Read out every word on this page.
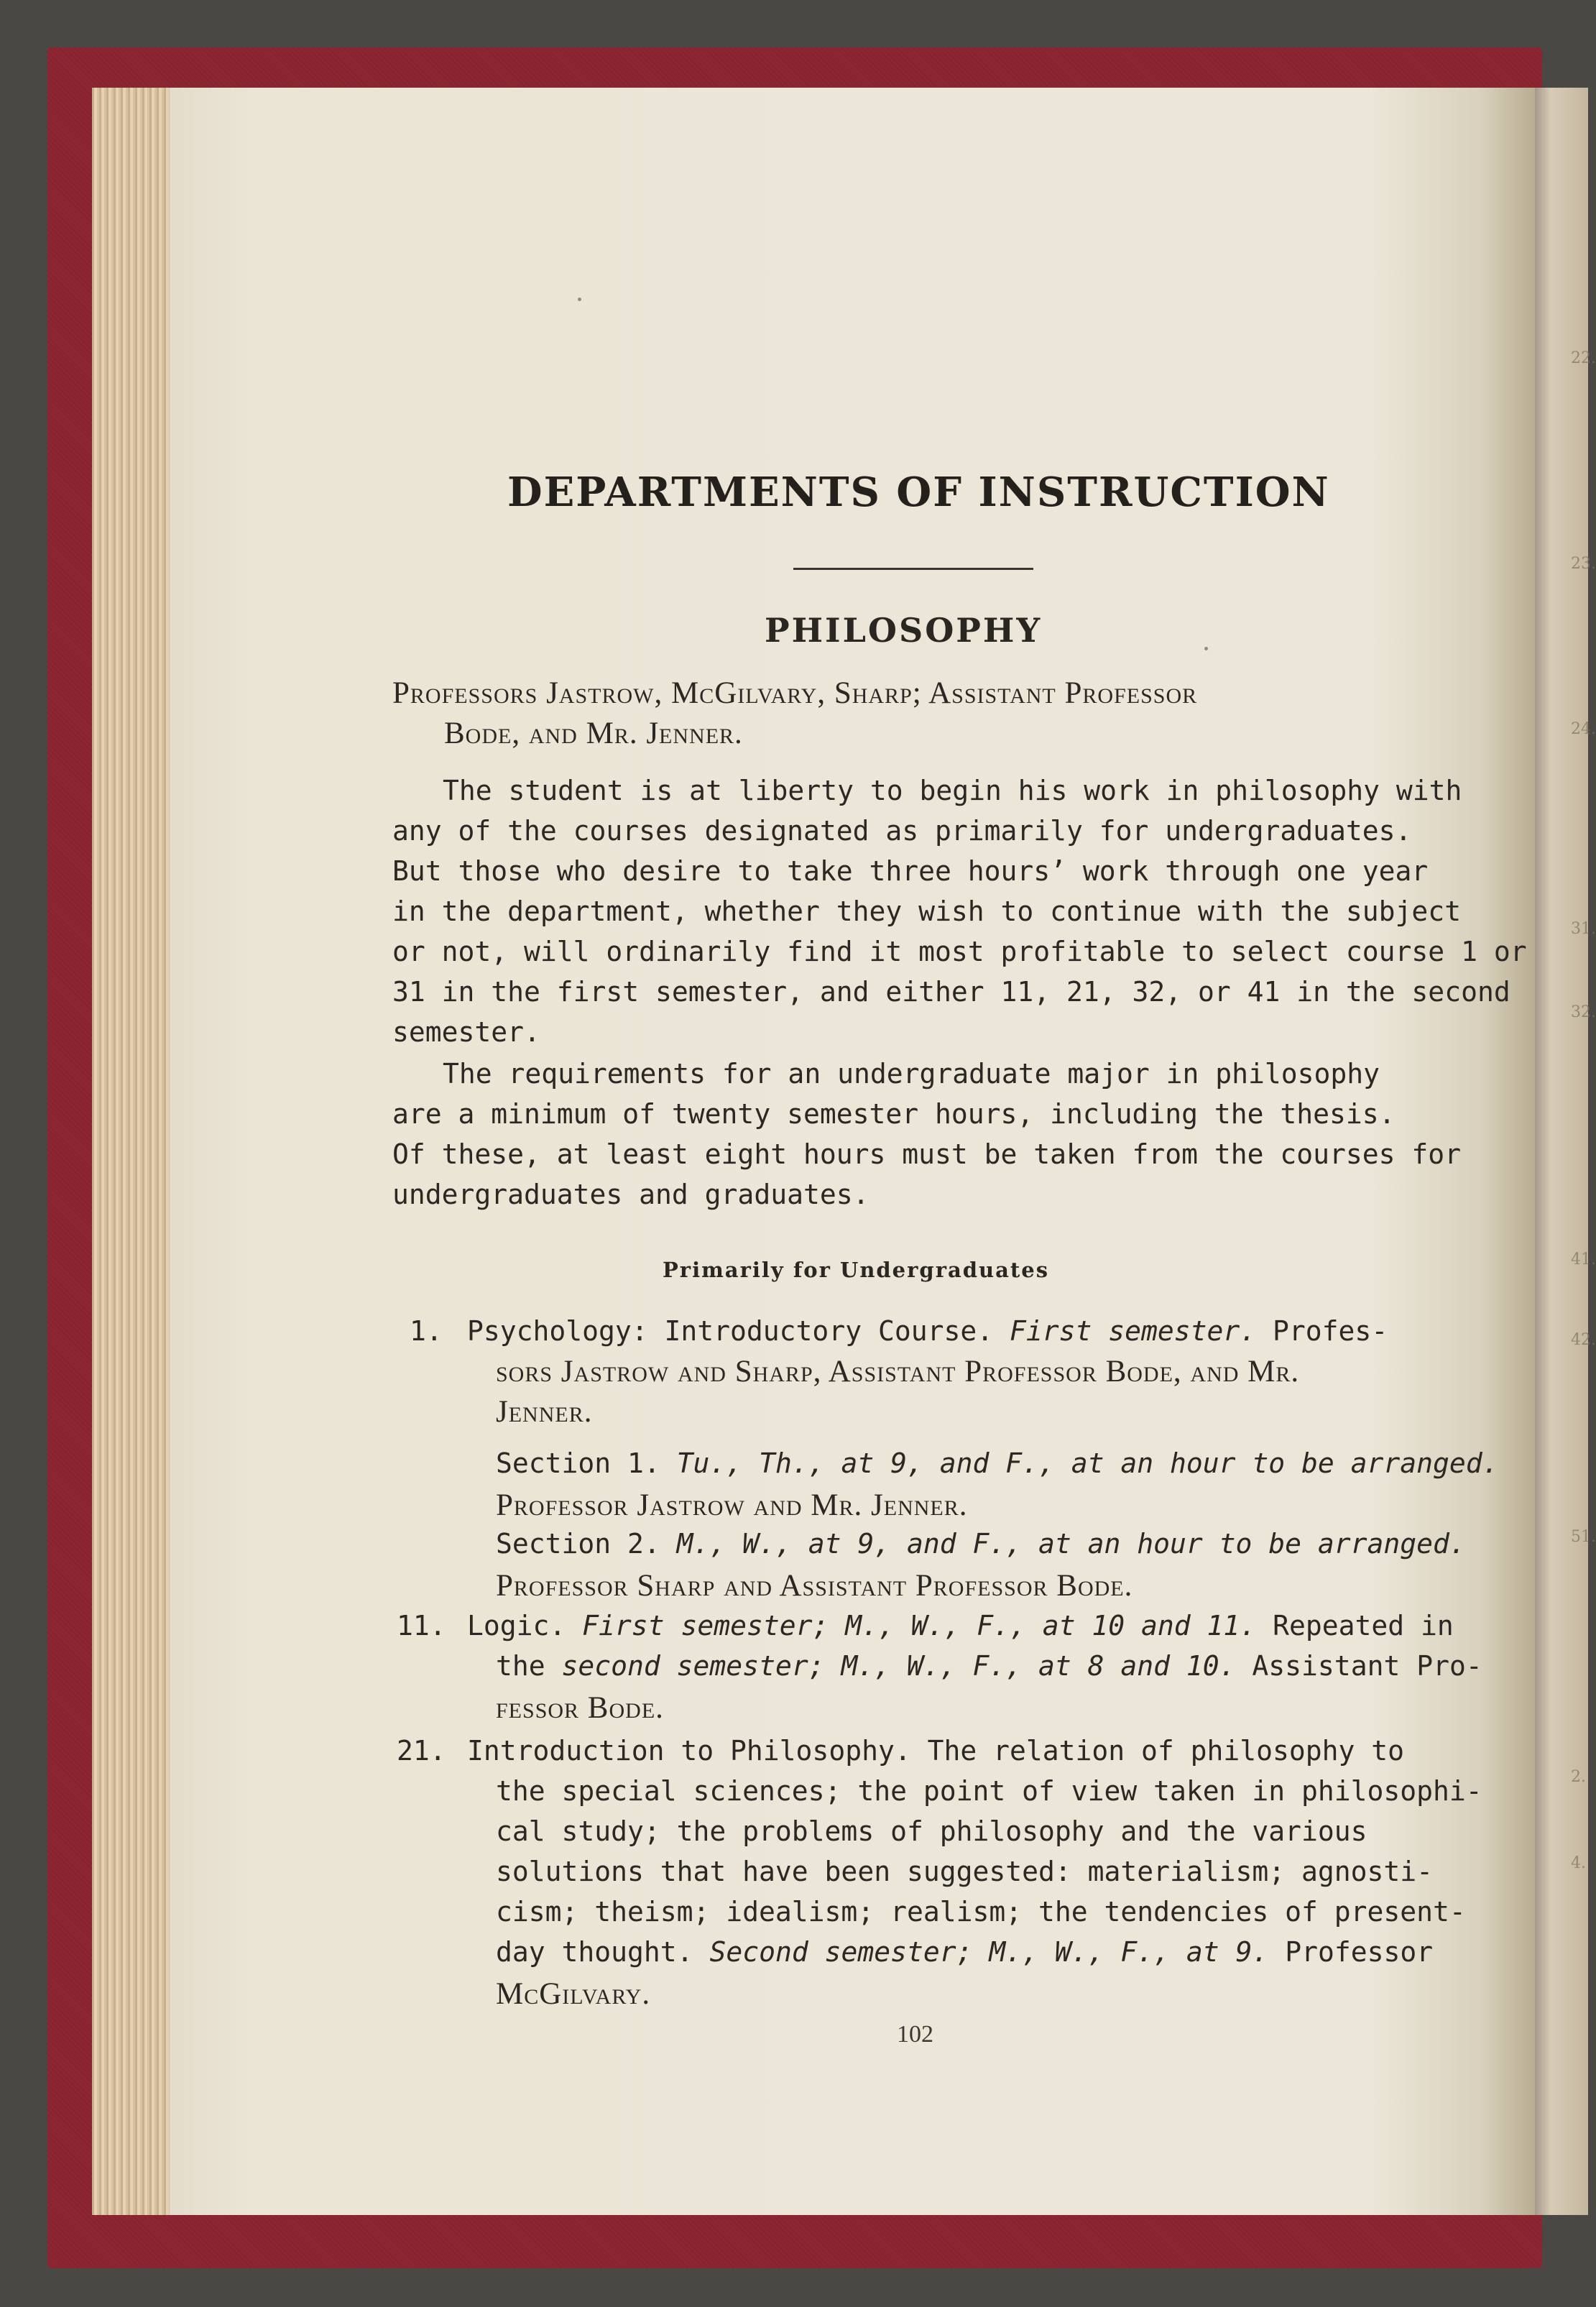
22.
23.
24.
31.
32.
41.
42.
51.
2.
4.
DEPARTMENTS OF INSTRUCTION
PHILOSOPHY
Professors Jastrow, McGilvary, Sharp; Assistant Professor
Bode, and Mr. Jenner.
The student is at liberty to begin his work in philosophy with
any of the courses designated as primarily for undergraduates.
But those who desire to take three hours’ work through one year
in the department, whether they wish to continue with the subject
or not, will ordinarily find it most profitable to select course 1 or
31 in the first semester, and either 11, 21, 32, or 41 in the second
semester.
The requirements for an undergraduate major in philosophy
are a minimum of twenty semester hours, including the thesis.
Of these, at least eight hours must be taken from the courses for
undergraduates and graduates.
Primarily for Undergraduates
1. Psychology: Introductory Course. First semester. Profes-
sors Jastrow and Sharp, Assistant Professor Bode, and Mr.
Jenner.
Section 1. Tu., Th., at 9, and F., at an hour to be arranged.
Professor Jastrow and Mr. Jenner.
Section 2. M., W., at 9, and F., at an hour to be arranged.
Professor Sharp and Assistant Professor Bode.
11. Logic. First semester; M., W., F., at 10 and 11. Repeated in
the second semester; M., W., F., at 8 and 10. Assistant Pro-
fessor Bode.
21. Introduction to Philosophy. The relation of philosophy to
the special sciences; the point of view taken in philosophi-
cal study; the problems of philosophy and the various
solutions that have been suggested: materialism; agnosti-
cism; theism; idealism; realism; the tendencies of present-
day thought. Second semester; M., W., F., at 9. Professor
McGilvary.
102
